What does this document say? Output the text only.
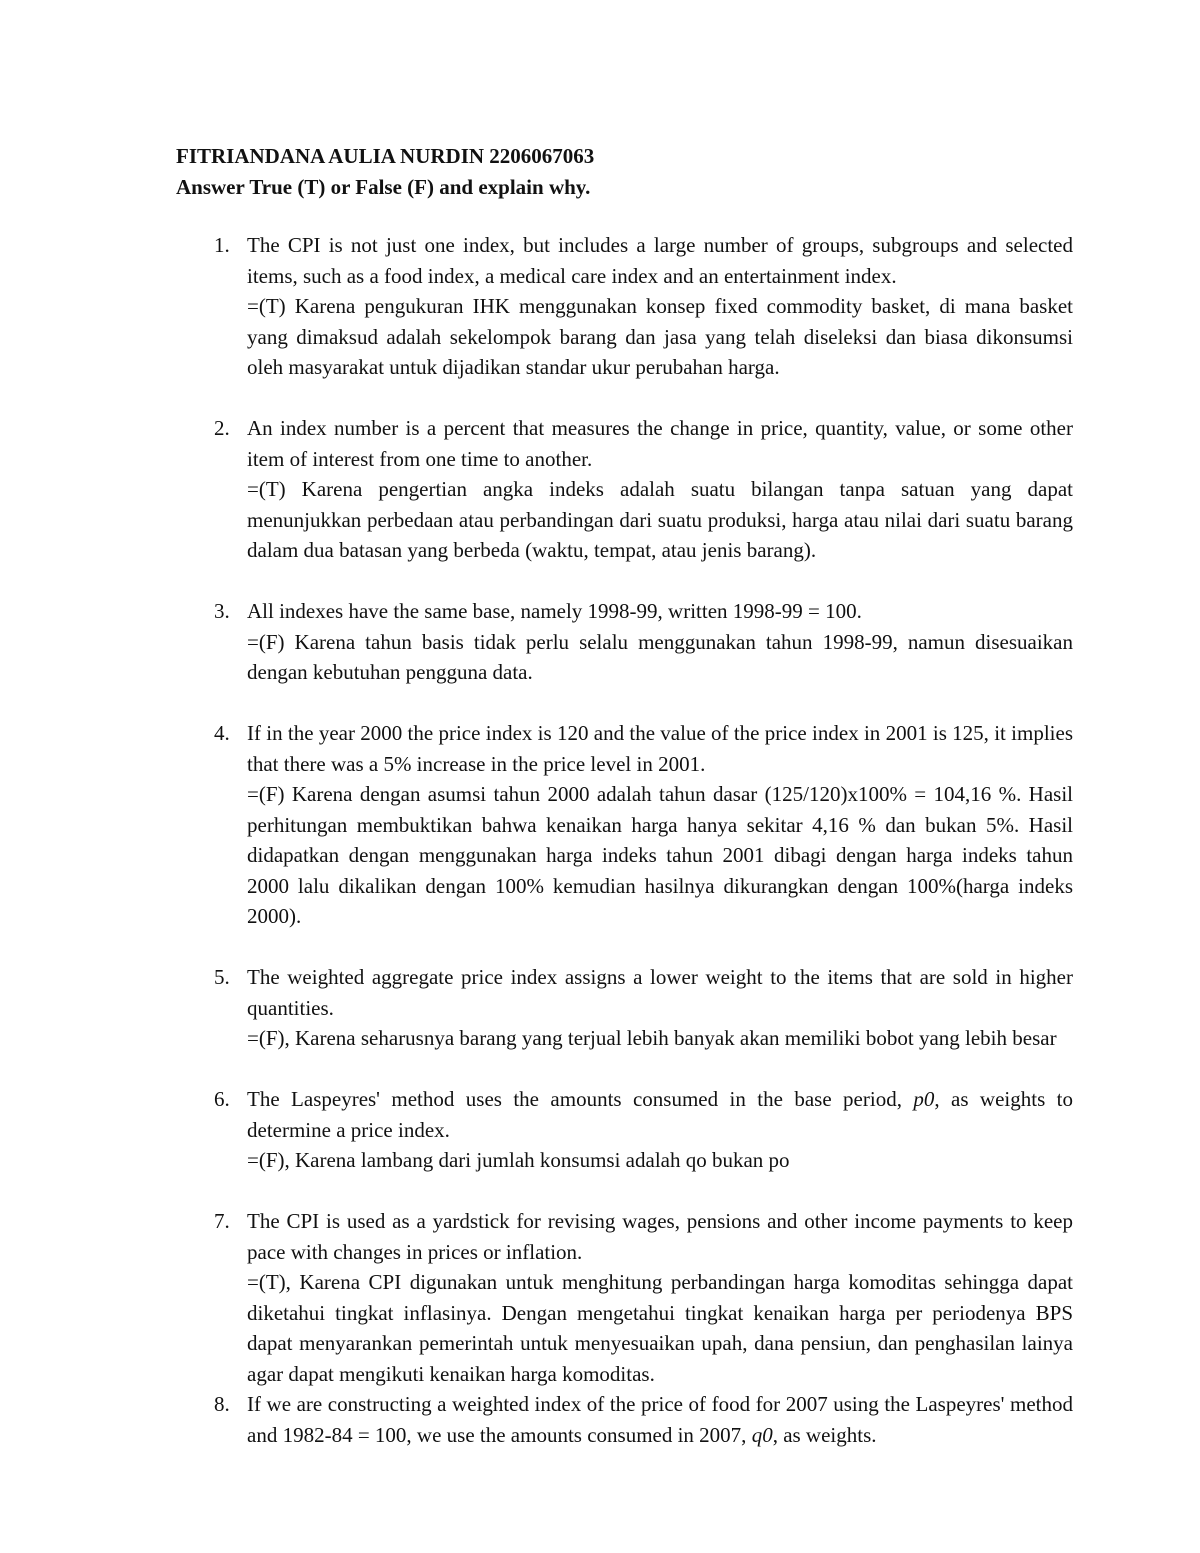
FITRIANDANA AULIA NURDIN 2206067063

Answer True (T) or False (F) and explain why.

1. The CPI is not just one index, but includes a large number of groups, subgroups and selected items, such as a food index, a medical care index and an entertainment index.
=(T) Karena pengukuran IHK menggunakan konsep fixed commodity basket, di mana basket yang dimaksud adalah sekelompok barang dan jasa yang telah diseleksi dan biasa dikonsumsi oleh masyarakat untuk dijadikan standar ukur perubahan harga.
2. An index number is a percent that measures the change in price, quantity, value, or some other item of interest from one time to another.
=(T) Karena pengertian angka indeks adalah suatu bilangan tanpa satuan yang dapat menunjukkan perbedaan atau perbandingan dari suatu produksi, harga atau nilai dari suatu barang dalam dua batasan yang berbeda (waktu, tempat, atau jenis barang).
3. All indexes have the same base, namely 1998-99, written 1998-99 = 100.
=(F) Karena tahun basis tidak perlu selalu menggunakan tahun 1998-99, namun disesuaikan dengan kebutuhan pengguna data.
4. If in the year 2000 the price index is 120 and the value of the price index in 2001 is 125, it implies that there was a 5% increase in the price level in 2001.
=(F) Karena dengan asumsi tahun 2000 adalah tahun dasar (125/120)x100% = 104,16 %. Hasil perhitungan membuktikan bahwa kenaikan harga hanya sekitar 4,16 % dan bukan 5%. Hasil didapatkan dengan menggunakan harga indeks tahun 2001 dibagi dengan harga indeks tahun 2000 lalu dikalikan dengan 100% kemudian hasilnya dikurangkan dengan 100%(harga indeks 2000).
5. The weighted aggregate price index assigns a lower weight to the items that are sold in higher quantities.
=(F), Karena seharusnya barang yang terjual lebih banyak akan memiliki bobot yang lebih besar
6. The Laspeyres' method uses the amounts consumed in the base period, p0, as weights to determine a price index.
=(F), Karena lambang dari jumlah konsumsi adalah qo bukan po
7. The CPI is used as a yardstick for revising wages, pensions and other income payments to keep pace with changes in prices or inflation.
=(T), Karena CPI digunakan untuk menghitung perbandingan harga komoditas sehingga dapat diketahui tingkat inflasinya. Dengan mengetahui tingkat kenaikan harga per periodenya BPS dapat menyarankan pemerintah untuk menyesuaikan upah, dana pensiun, dan penghasilan lainya agar dapat mengikuti kenaikan harga komoditas.
8. If we are constructing a weighted index of the price of food for 2007 using the Laspeyres' method and 1982-84 = 100, we use the amounts consumed in 2007, q0, as weights.
